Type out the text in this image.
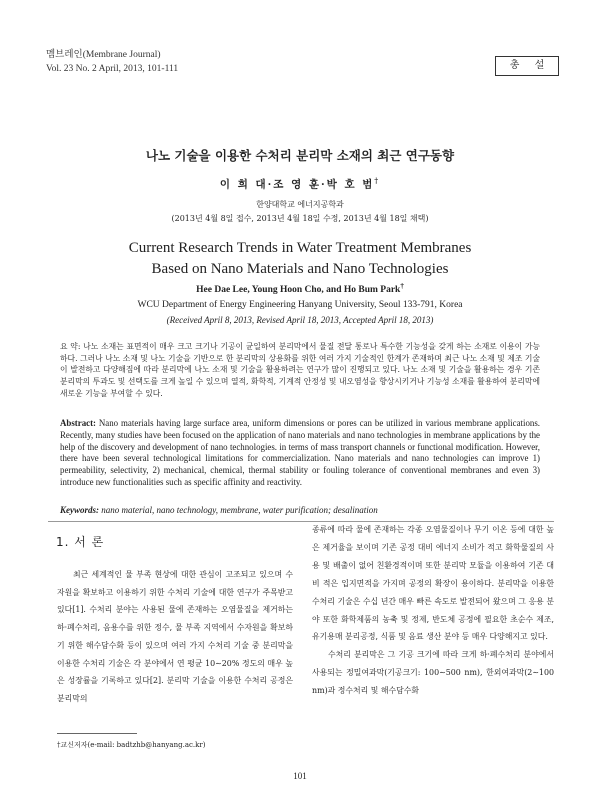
멤브레인(Membrane Journal)
Vol. 23 No. 2 April, 2013, 101-111	총 설
나노 기술을 이용한 수처리 분리막 소재의 최근 연구동향
이 희 대·조 영 훈·박 호 범†
한양대학교 에너지공학과
(2013년 4월 8일 접수, 2013년 4월 18일 수정, 2013년 4월 18일 채택)
Current Research Trends in Water Treatment Membranes
Based on Nano Materials and Nano Technologies
Hee Dae Lee, Young Hoon Cho, and Ho Bum Park†
WCU Department of Energy Engineering Hanyang University, Seoul 133-791, Korea
(Received April 8, 2013, Revised April 18, 2013, Accepted April 18, 2013)
요 약: 나노 소재는 표면적이 매우 크고 크기나 기공이 균일하여 분리막에서 물질 전달 통로나 특수한 기능성을 갖게 하는 소재로 이용이 가능하다. 그러나 나노 소재 및 나노 기술을 기반으로 한 분리막의 상용화를 위한 여러 가지 기술적인 한계가 존재하며 최근 나노 소재 및 제조 기술이 발전하고 다양해짐에 따라 분리막에 나노 소재 및 기술을 활용하려는 연구가 많이 진행되고 있다. 나노 소재 및 기술을 활용하는 경우 기존 분리막의 투과도 및 선택도를 크게 높일 수 있으며 열적, 화학적, 기계적 안정성 및 내오염성을 향상시키거나 기능성 소재를 활용하여 분리막에 새로운 기능을 부여할 수 있다.
Abstract: Nano materials having large surface area, uniform dimensions or pores can be utilized in various membrane applications. Recently, many studies have been focused on the application of nano materials and nano technologies in membrane applications by the help of the discovery and development of nano technologies. in terms of mass transport channels or functional modification. However, there have been several technological limitations for commercialization. Nano materials and nano technologies can improve 1) permeability, selectivity, 2) mechanical, chemical, thermal stability or fouling tolerance of conventional membranes and even 3) introduce new functionalities such as specific affinity and reactivity.
Keywords: nano material, nano technology, membrane, water purification; desalination
1. 서 론
최근 세계적인 물 부족 현상에 대한 관심이 고조되고 있으며 수자원을 확보하고 이용하기 위한 수처리 기술에 대한 연구가 주목받고 있다[1]. 수처리 분야는 사용된 물에 존재하는 오염물질을 제거하는 하·폐수처리, 음용수를 위한 정수, 물 부족 지역에서 수자원을 확보하기 위한 해수담수화 등이 있으며 여러 가지 수처리 기술 중 분리막을 이용한 수처리 기술은 각 분야에서 연 평균 10∼20% 정도의 매우 높은 성장률을 기록하고 있다[2]. 분리막 기술을 이용한 수처리 공정은 분리막의

종류에 따라 물에 존재하는 각종 오염물질이나 무기 이온 등에 대한 높은 제거율을 보이며 기존 공정 대비 에너지 소비가 적고 화학물질의 사용 및 배출이 없어 친환경적이며 또한 분리막 모듈을 이용하여 기존 대비 적은 입지면적을 가지며 공정의 확장이 용이하다. 분리막을 이용한 수처리 기술은 수십 년간 매우 빠른 속도로 발전되어 왔으며 그 응용 분야 또한 화학제품의 농축 및 정제, 반도체 공정에 필요한 초순수 제조, 유기용매 분리공정, 식품 및 음료 생산 분야 등 매우 다양해지고 있다.

수처리 분리막은 그 기공 크기에 따라 크게 하·폐수처리 분야에서 사용되는 정밀여과막(기공크기: 100∼500 nm), 한외여과막(2∼100 nm)과 정수처리 및 해수담수화

†교신저자(e-mail: badtzhb@hanyang.ac.kr)
101
